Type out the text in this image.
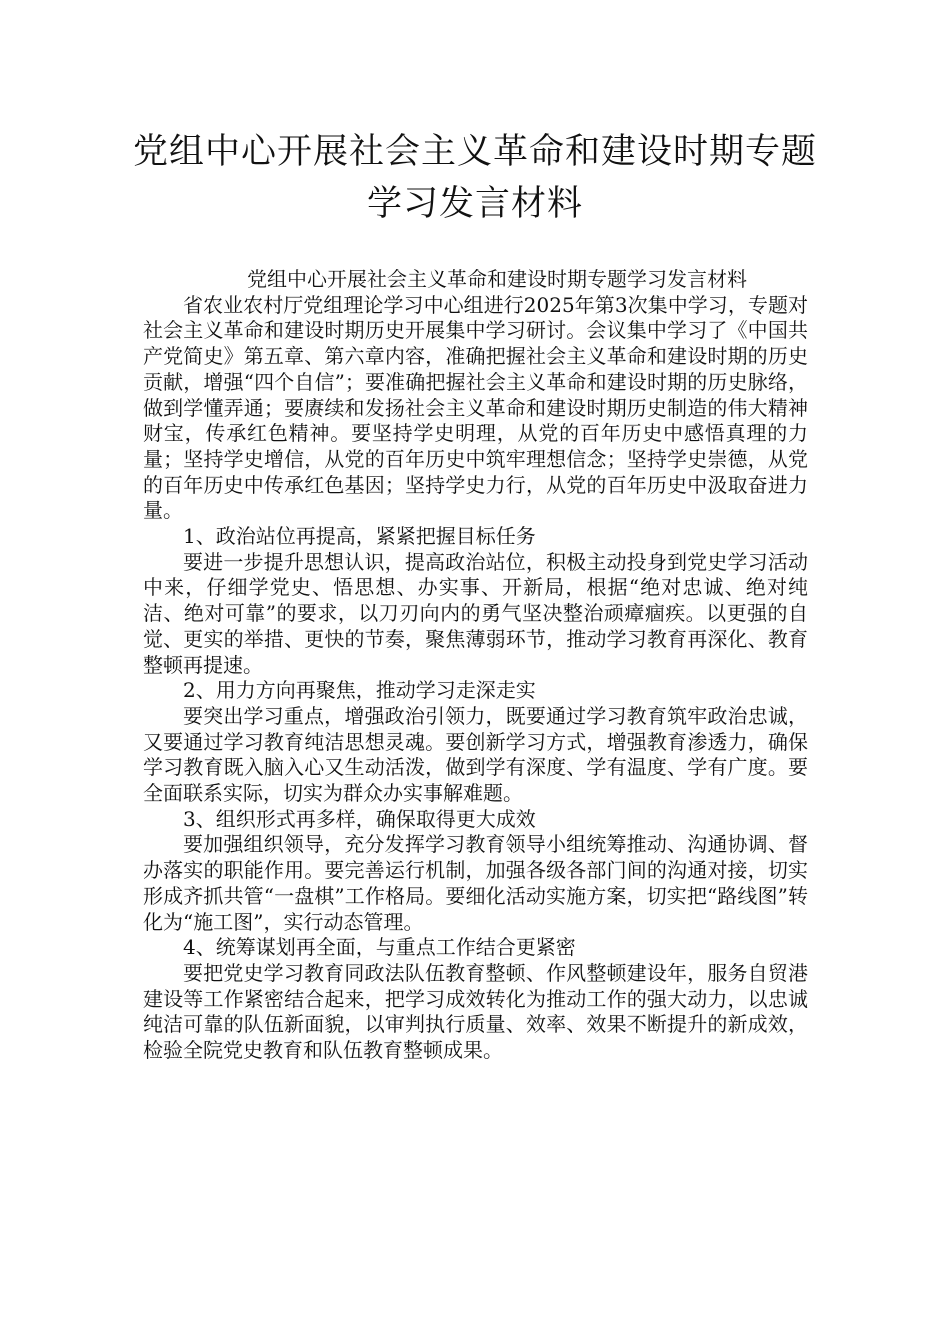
党组中心开展社会主义革命和建设时期专题学习发言材料

党组中心开展社会主义革命和建设时期专题学习发言材料

省农业农村厅党组理论学习中心组进行2025年第3次集中学习，专题对社会主义革命和建设时期历史开展集中学习研讨。会议集中学习了《中国共产党简史》第五章、第六章内容，准确把握社会主义革命和建设时期的历史贡献，增强“四个自信”；要准确把握社会主义革命和建设时期的历史脉络，做到学懂弄通；要赓续和发扬社会主义革命和建设时期历史制造的伟大精神财宝，传承红色精神。要坚持学史明理，从党的百年历史中感悟真理的力量；坚持学史增信，从党的百年历史中筑牢理想信念；坚持学史崇德，从党的百年历史中传承红色基因；坚持学史力行，从党的百年历史中汲取奋进力量。

1、政治站位再提高，紧紧把握目标任务

要进一步提升思想认识，提高政治站位，积极主动投身到党史学习活动中来，仔细学党史、悟思想、办实事、开新局，根据“绝对忠诚、绝对纯洁、绝对可靠”的要求，以刀刃向内的勇气坚决整治顽瘴痼疾。以更强的自觉、更实的举措、更快的节奏，聚焦薄弱环节，推动学习教育再深化、教育整顿再提速。

2、用力方向再聚焦，推动学习走深走实

要突出学习重点，增强政治引领力，既要通过学习教育筑牢政治忠诚，又要通过学习教育纯洁思想灵魂。要创新学习方式，增强教育渗透力，确保学习教育既入脑入心又生动活泼，做到学有深度、学有温度、学有广度。要全面联系实际，切实为群众办实事解难题。

3、组织形式再多样，确保取得更大成效

要加强组织领导，充分发挥学习教育领导小组统筹推动、沟通协调、督办落实的职能作用。要完善运行机制，加强各级各部门间的沟通对接，切实形成齐抓共管“一盘棋”工作格局。要细化活动实施方案，切实把“路线图”转化为“施工图”，实行动态管理。

4、统筹谋划再全面，与重点工作结合更紧密

要把党史学习教育同政法队伍教育整顿、作风整顿建设年，服务自贸港建设等工作紧密结合起来，把学习成效转化为推动工作的强大动力，以忠诚纯洁可靠的队伍新面貌，以审判执行质量、效率、效果不断提升的新成效，检验全院党史教育和队伍教育整顿成果。
